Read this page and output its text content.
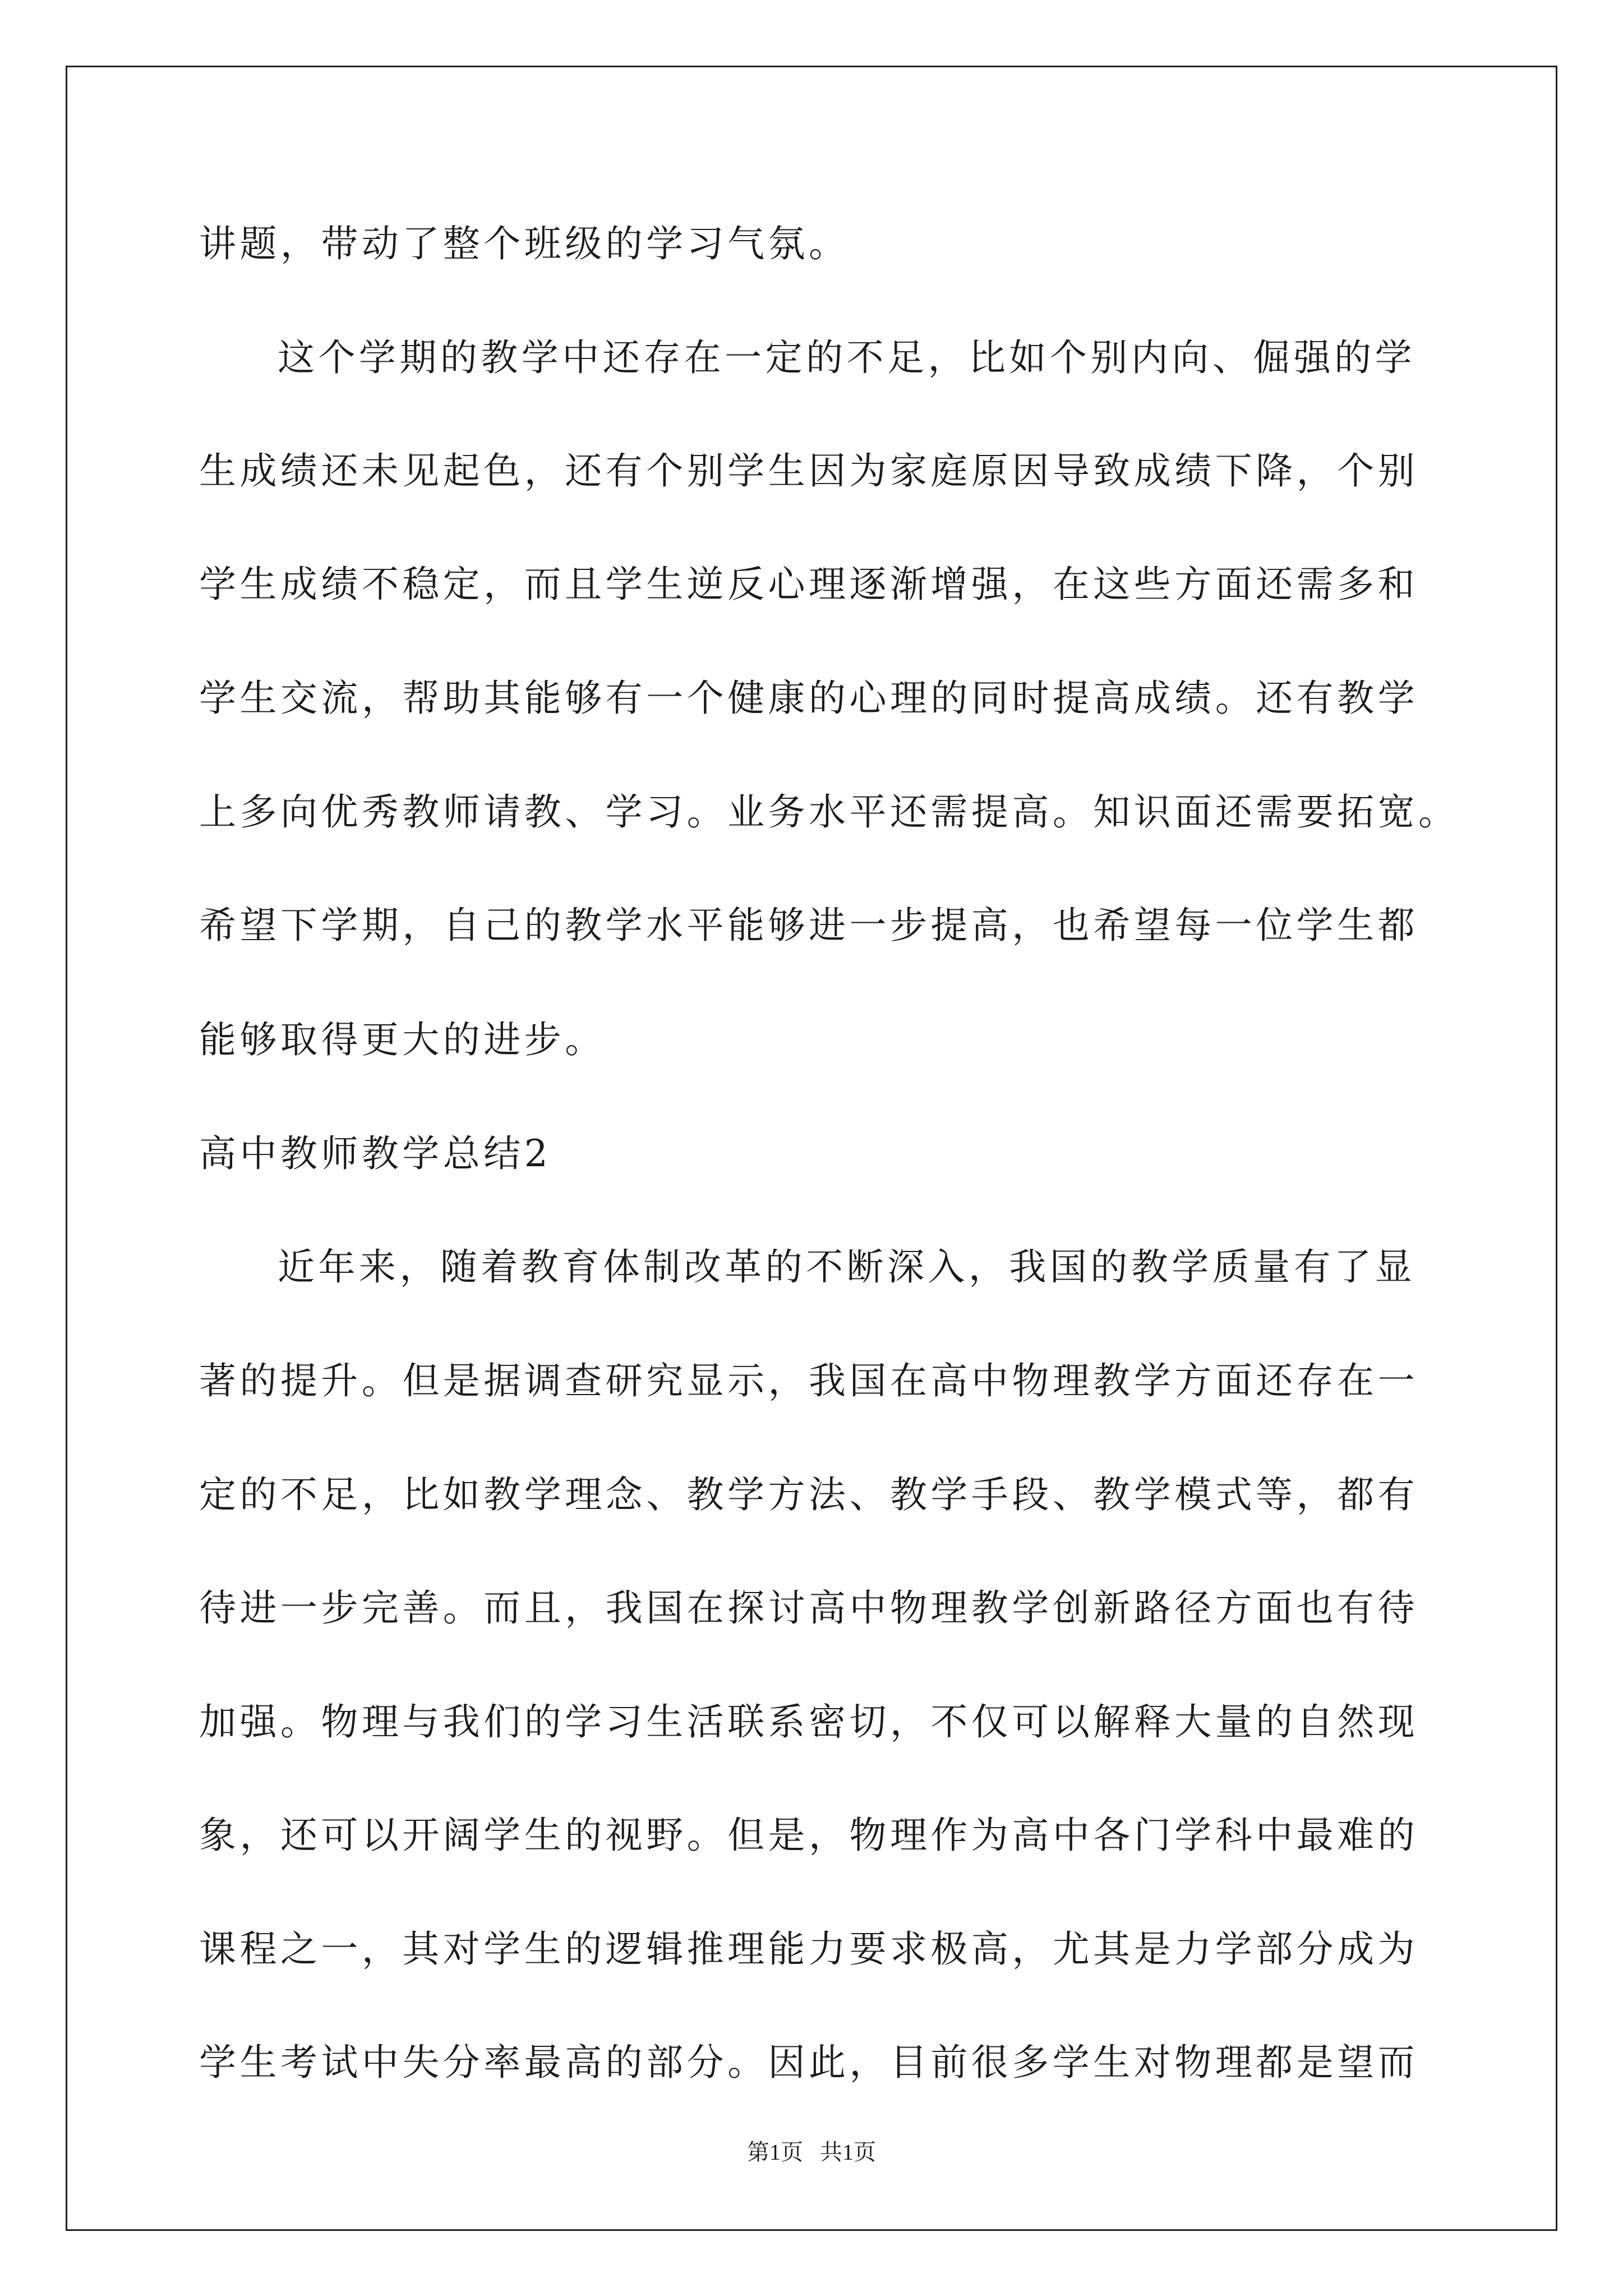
讲题，带动了整个班级的学习气氛。
这个学期的教学中还存在一定的不足，比如个别内向、倔强的学
生成绩还未见起色，还有个别学生因为家庭原因导致成绩下降，个别
学生成绩不稳定，而且学生逆反心理逐渐增强，在这些方面还需多和
学生交流，帮助其能够有一个健康的心理的同时提高成绩。还有教学
上多向优秀教师请教、学习。业务水平还需提高。知识面还需要拓宽。
希望下学期，自己的教学水平能够进一步提高，也希望每一位学生都
能够取得更大的进步。
高中教师教学总结2
近年来，随着教育体制改革的不断深入，我国的教学质量有了显
著的提升。但是据调查研究显示，我国在高中物理教学方面还存在一
定的不足，比如教学理念、教学方法、教学手段、教学模式等，都有
待进一步完善。而且，我国在探讨高中物理教学创新路径方面也有待
加强。物理与我们的学习生活联系密切，不仅可以解释大量的自然现
象，还可以开阔学生的视野。但是，物理作为高中各门学科中最难的
课程之一，其对学生的逻辑推理能力要求极高，尤其是力学部分成为
学生考试中失分率最高的部分。因此，目前很多学生对物理都是望而
第1页   共1页
